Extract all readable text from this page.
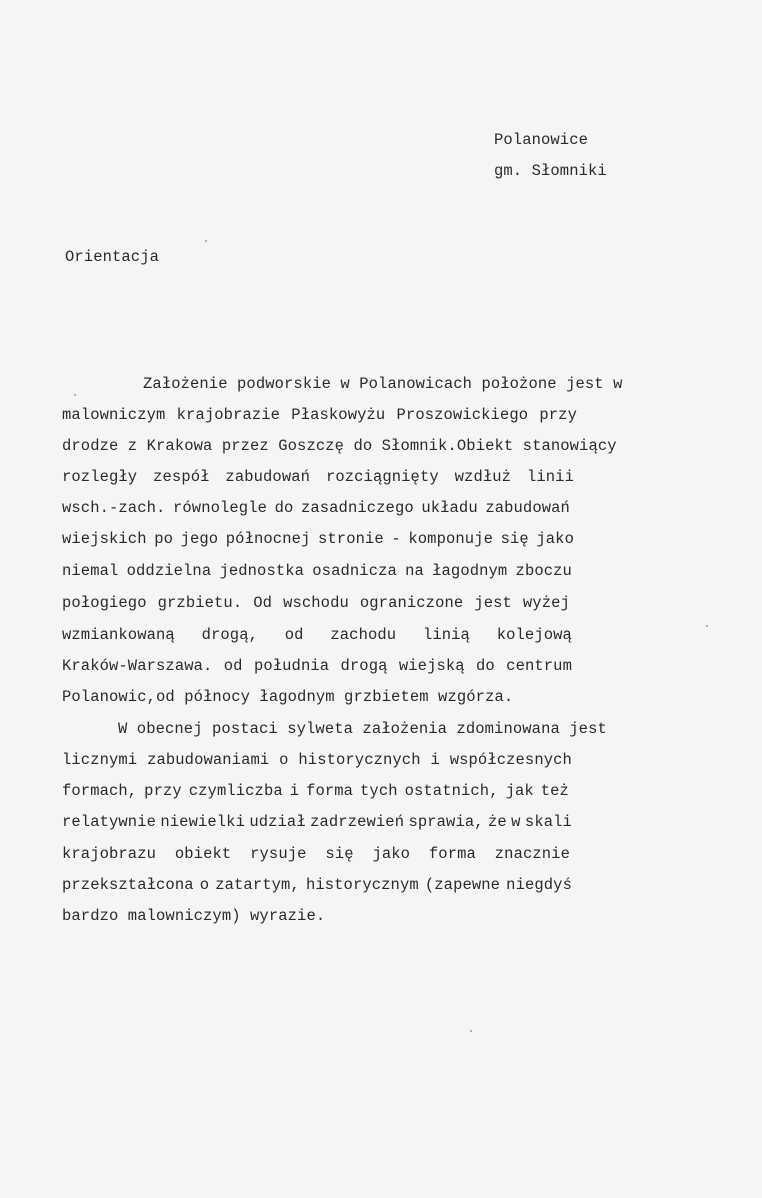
Polanowice
gm. Słomniki
Orientacja
Założenie podworskie w Polanowicach położone jest w
malowniczym krajobrazie Płaskowyżu Proszowickiego przy
drodze z Krakowa przez Goszczę do Słomnik.Obiekt stanowiący
rozległy zespół zabudowań rozciągnięty wzdłuż linii
wsch.-zach. równolegle do zasadniczego układu zabudowań
wiejskich po jego północnej stronie - komponuje się jako
niemal oddzielna jednostka osadnicza na łagodnym zboczu
połogiego grzbietu. Od wschodu ograniczone jest wyżej
wzmiankowaną drogą, od zachodu linią kolejową
Kraków-Warszawa. od południa drogą wiejską do centrum
Polanowic,od północy łagodnym grzbietem wzgórza.
W obecnej postaci sylweta założenia zdominowana jest
licznymi zabudowaniami o historycznych i współczesnych
formach, przy czymliczba i forma tych ostatnich, jak też
relatywnie niewielki udział zadrzewień sprawia, że w skali
krajobrazu obiekt rysuje się jako forma znacznie
przekształcona o zatartym, historycznym (zapewne niegdyś
bardzo malowniczym) wyrazie.
